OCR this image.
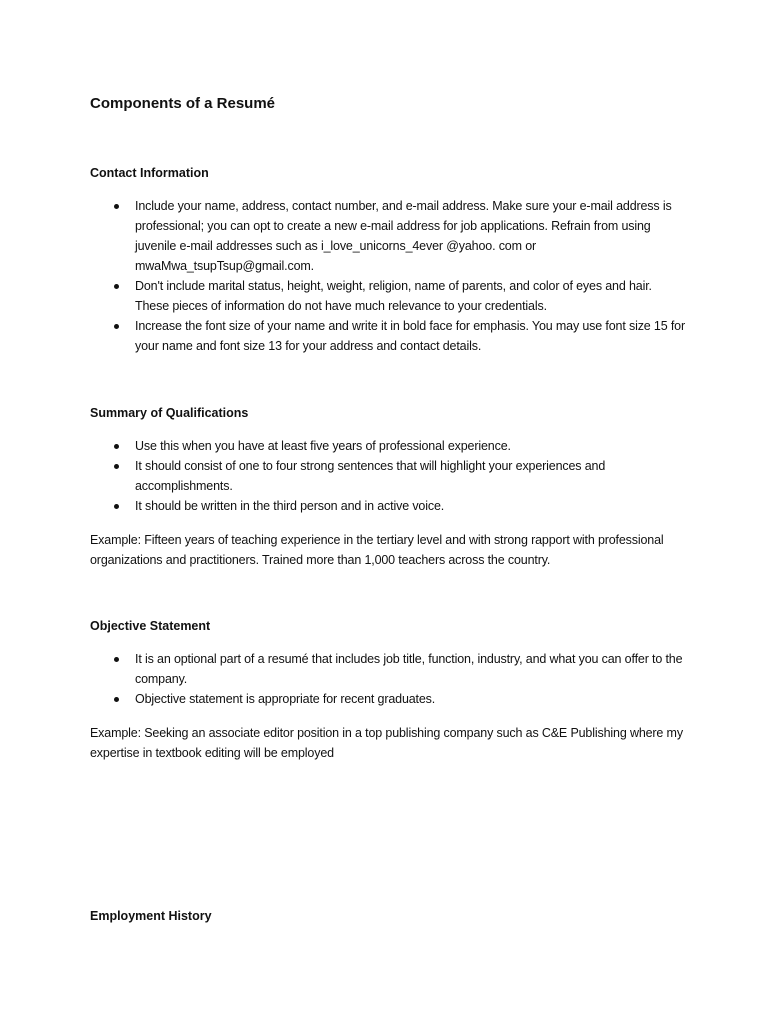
Components of a Resumé
Contact Information
Include your name, address, contact number, and e-mail address. Make sure your e-mail address is professional; you can opt to create a new e-mail address for job applications. Refrain from using juvenile e-mail addresses such as i_love_unicorns_4ever @yahoo. com or mwaMwa_tsupTsup@gmail.com.
Don't include marital status, height, weight, religion, name of parents, and color of eyes and hair. These pieces of information do not have much relevance to your credentials.
Increase the font size of your name and write it in bold face for emphasis. You may use font size 15 for your name and font size 13 for your address and contact details.
Summary of Qualifications
Use this when you have at least five years of professional experience.
It should consist of one to four strong sentences that will highlight your experiences and accomplishments.
It should be written in the third person and in active voice.

Example: Fifteen years of teaching experience in the tertiary level and with strong rapport with professional organizations and practitioners. Trained more than 1,000 teachers across the country.

Objective Statement
It is an optional part of a resumé that includes job title, function, industry, and what you can offer to the company.
Objective statement is appropriate for recent graduates.

Example: Seeking an associate editor position in a top publishing company such as C&E Publishing where my expertise in textbook editing will be employed

Employment History
